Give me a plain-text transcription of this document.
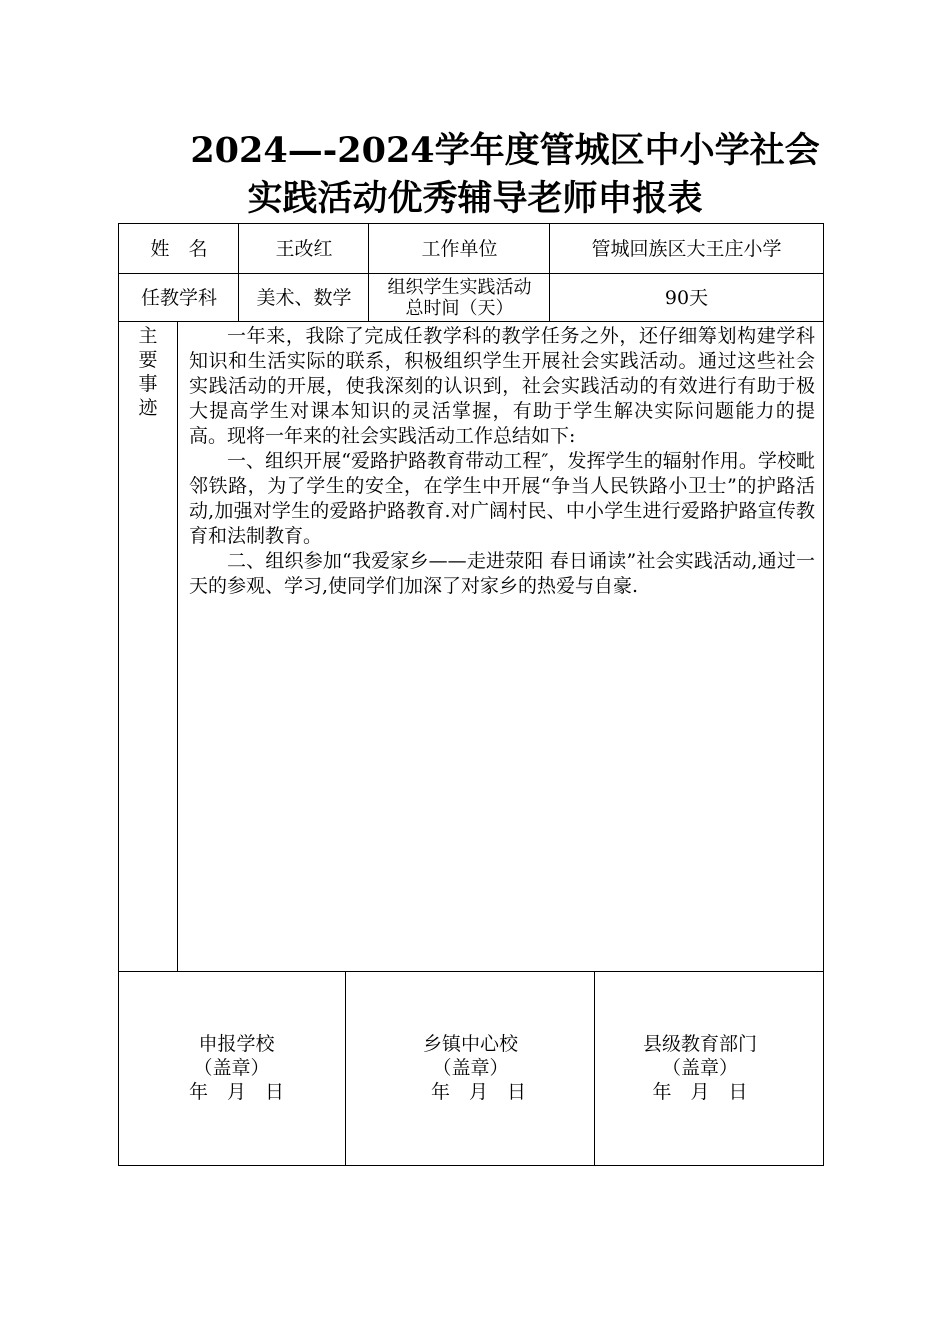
2024—-2024学年度管城区中小学社会
实践活动优秀辅导老师申报表
姓　名	王改红	工作单位	管城回族区大王庄小学
任教学科	美术、数学	组织学生实践活动总时间（天）	90天
主
要
事
迹

一年来，我除了完成任教学科的教学任务之外，还仔细筹划构建学科知识和生活实际的联系，积极组织学生开展社会实践活动。通过这些社会实践活动的开展，使我深刻的认识到，社会实践活动的有效进行有助于极大提高学生对课本知识的灵活掌握，有助于学生解决实际问题能力的提高。现将一年来的社会实践活动工作总结如下:

一、组织开展“爱路护路教育带动工程″，发挥学生的辐射作用。学校毗邻铁路，为了学生的安全，在学生中开展“争当人民铁路小卫士”的护路活动,加强对学生的爱路护路教育.对广阔村民、中小学生进行爱路护路宣传教育和法制教育。

二、组织参加“我爱家乡——走进荥阳 春日诵读”社会实践活动,通过一天的参观、学习,使同学们加深了对家乡的热爱与自豪.

申报学校
（盖章）
年　月　日
乡镇中心校
（盖章）
年　月　日
县级教育部门
（盖章）
年　月　日
